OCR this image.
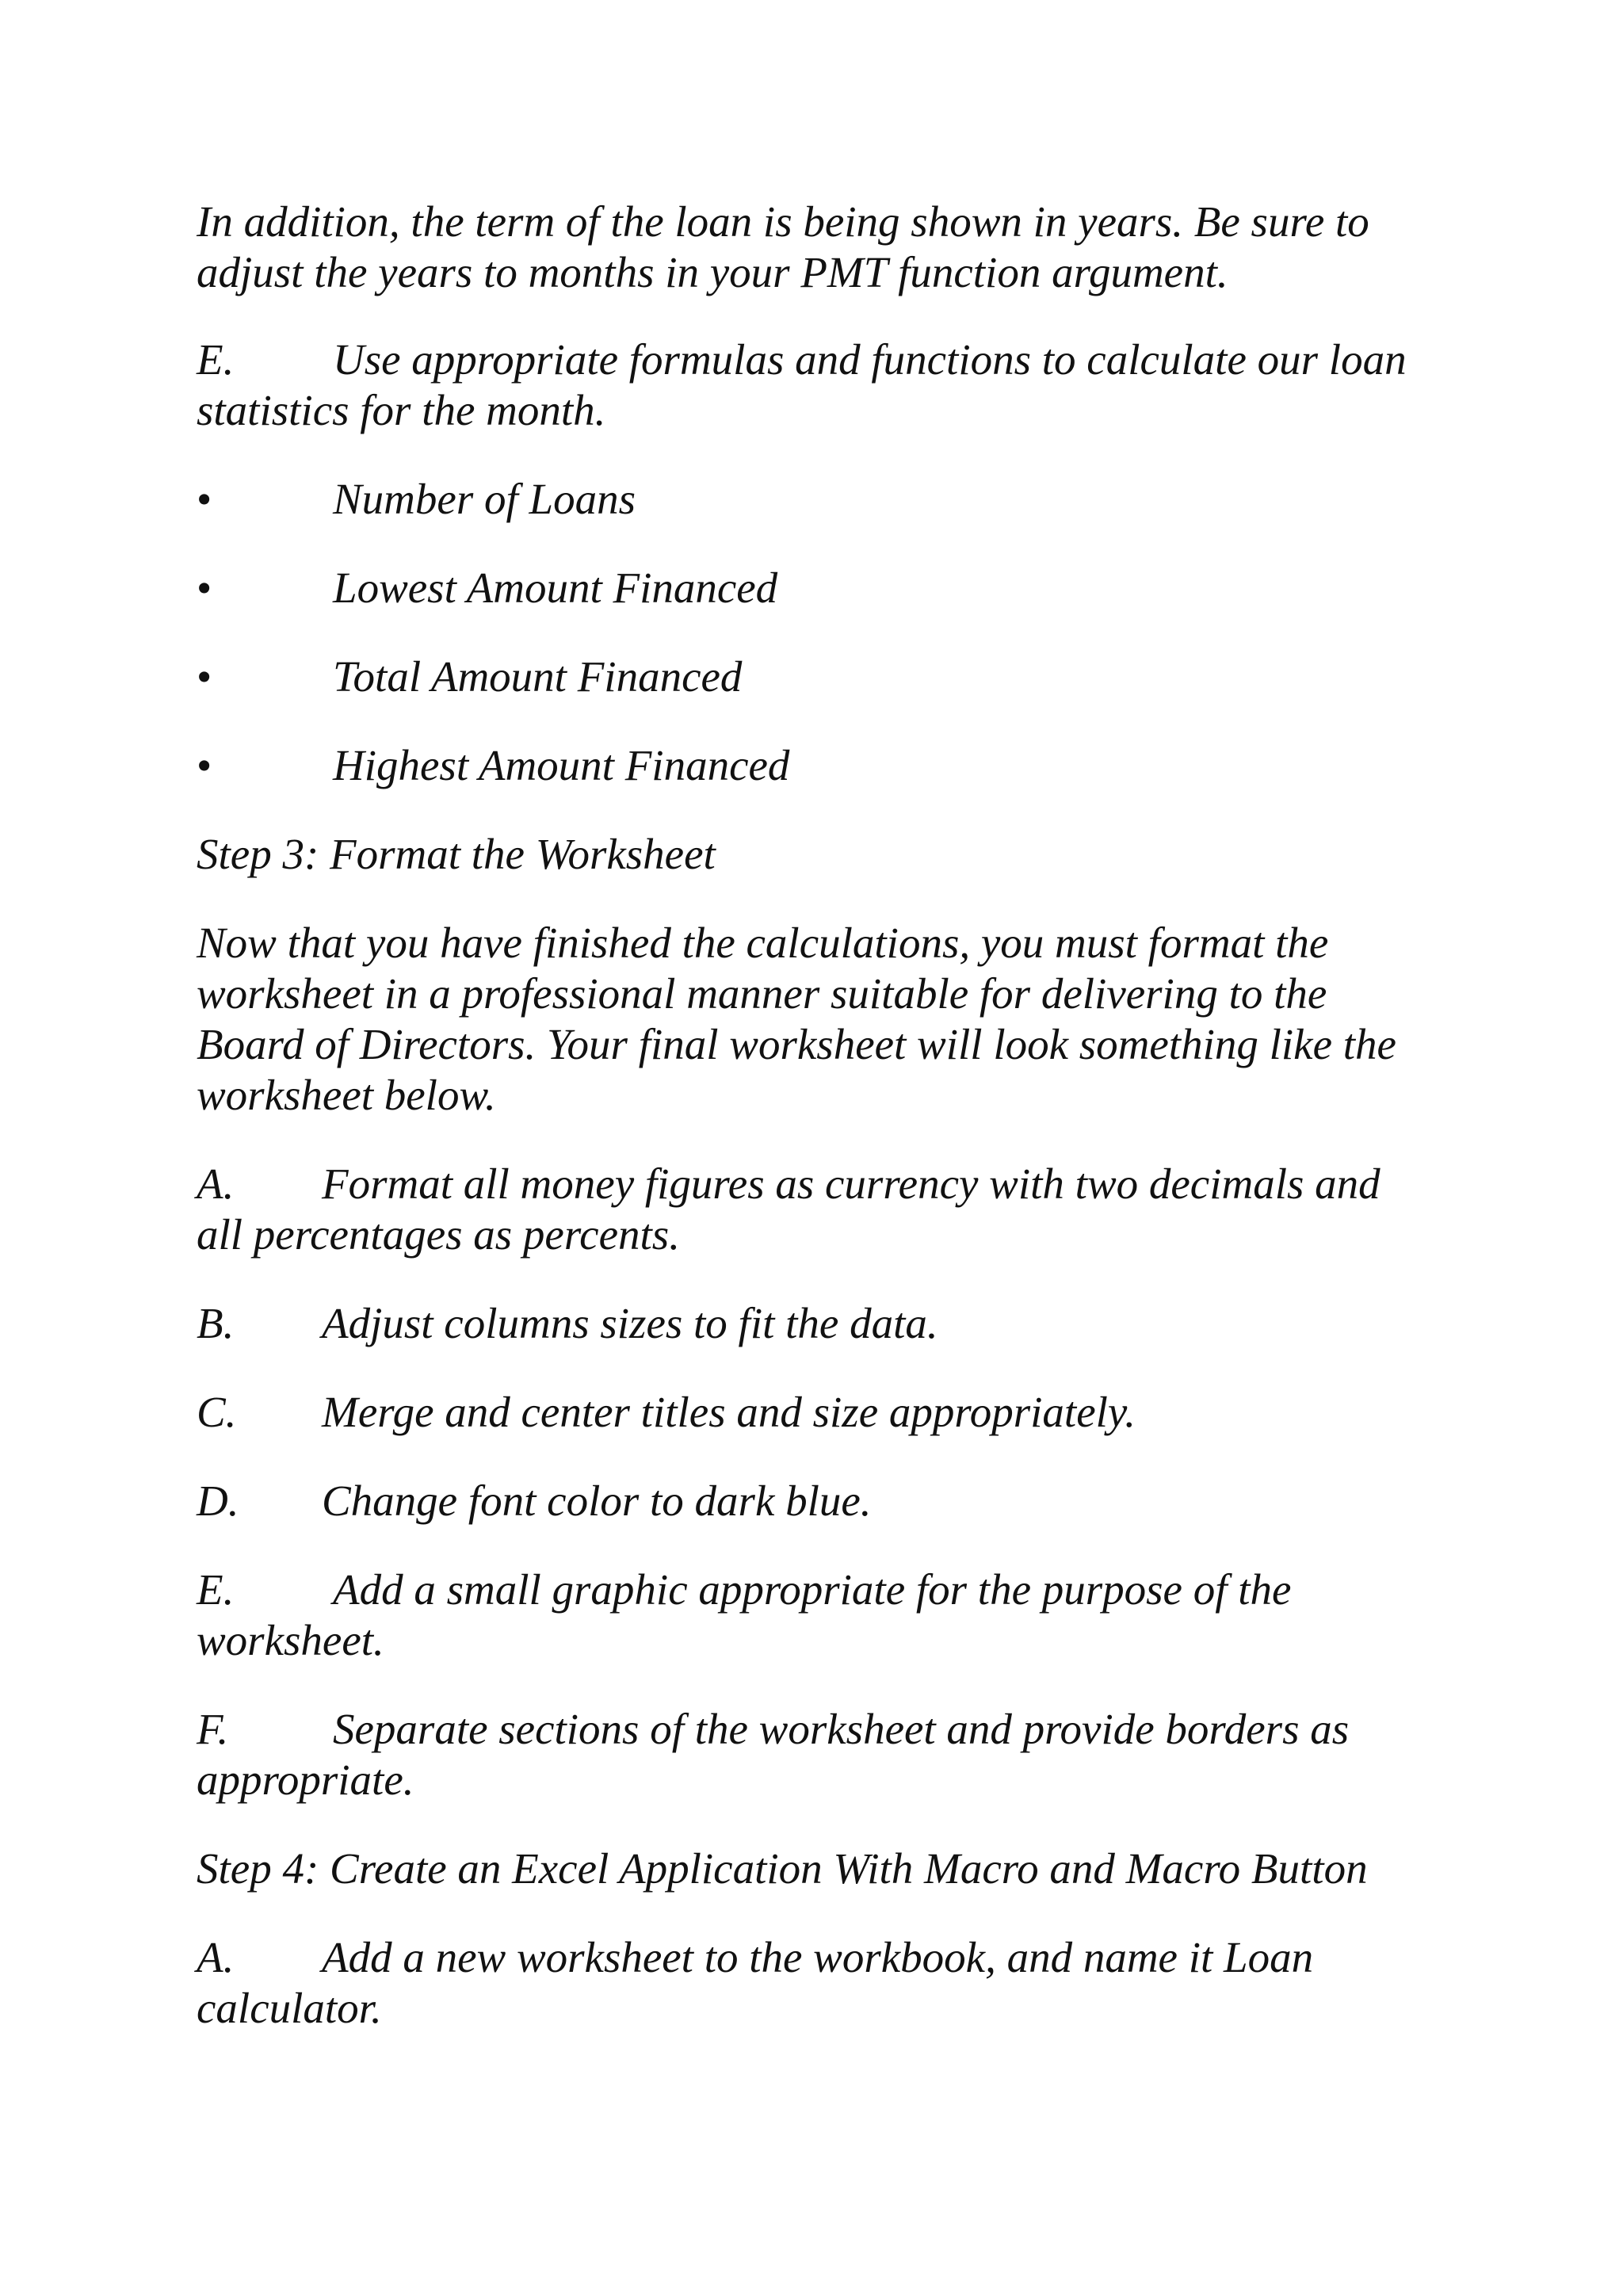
In addition, the term of the loan is being shown in years. Be sure to adjust the years to months in your PMT function argument.

E. Use appropriate formulas and functions to calculate our loan statistics for the month.

•	Number of Loans

•	Lowest Amount Financed

•	Total Amount Financed

•	Highest Amount Financed

Step 3: Format the Worksheet

Now that you have finished the calculations, you must format the worksheet in a professional manner suitable for delivering to the Board of Directors. Your final worksheet will look something like the worksheet below.

A. Format all money figures as currency with two decimals and all percentages as percents.

B. Adjust columns sizes to fit the data.

C. Merge and center titles and size appropriately.

D. Change font color to dark blue.

E. Add a small graphic appropriate for the purpose of the worksheet.

F. Separate sections of the worksheet and provide borders as appropriate.

Step 4: Create an Excel Application With Macro and Macro Button

A. Add a new worksheet to the workbook, and name it Loan calculator.
